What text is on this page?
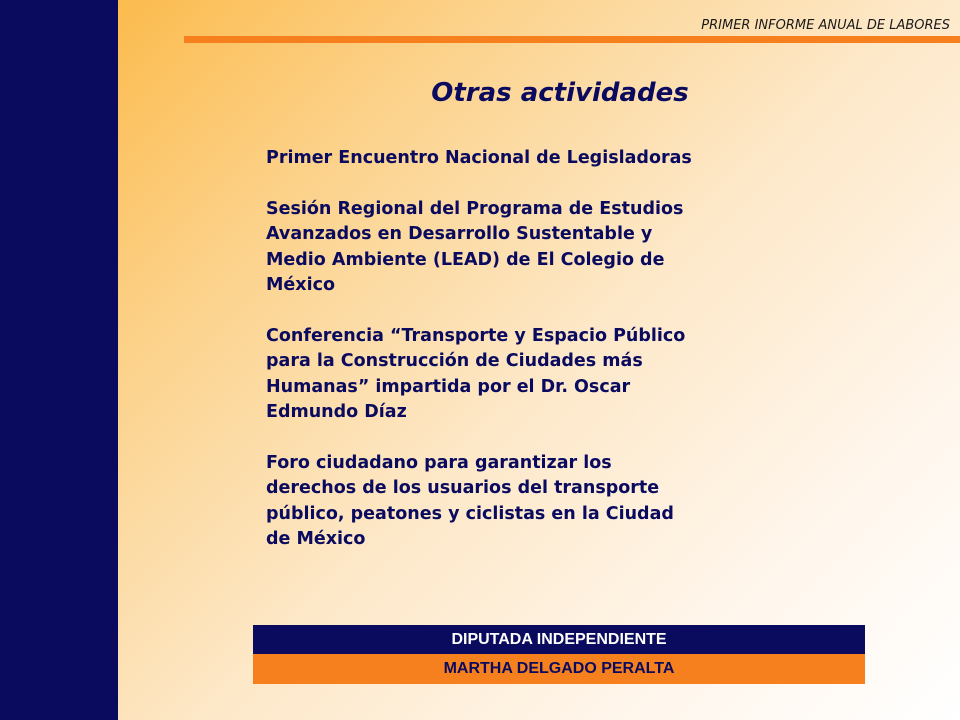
PRIMER INFORME ANUAL DE LABORES
Otras actividades
Primer Encuentro Nacional de Legisladoras
Sesión Regional del Programa de Estudios Avanzados en Desarrollo Sustentable y Medio Ambiente (LEAD) de El Colegio de México
Conferencia “Transporte y Espacio Público para la Construcción de Ciudades más Humanas” impartida por el Dr. Oscar Edmundo Díaz
Foro ciudadano para garantizar los derechos de los usuarios del transporte público, peatones y ciclistas en la Ciudad de México
DIPUTADA INDEPENDIENTE
MARTHA DELGADO PERALTA
